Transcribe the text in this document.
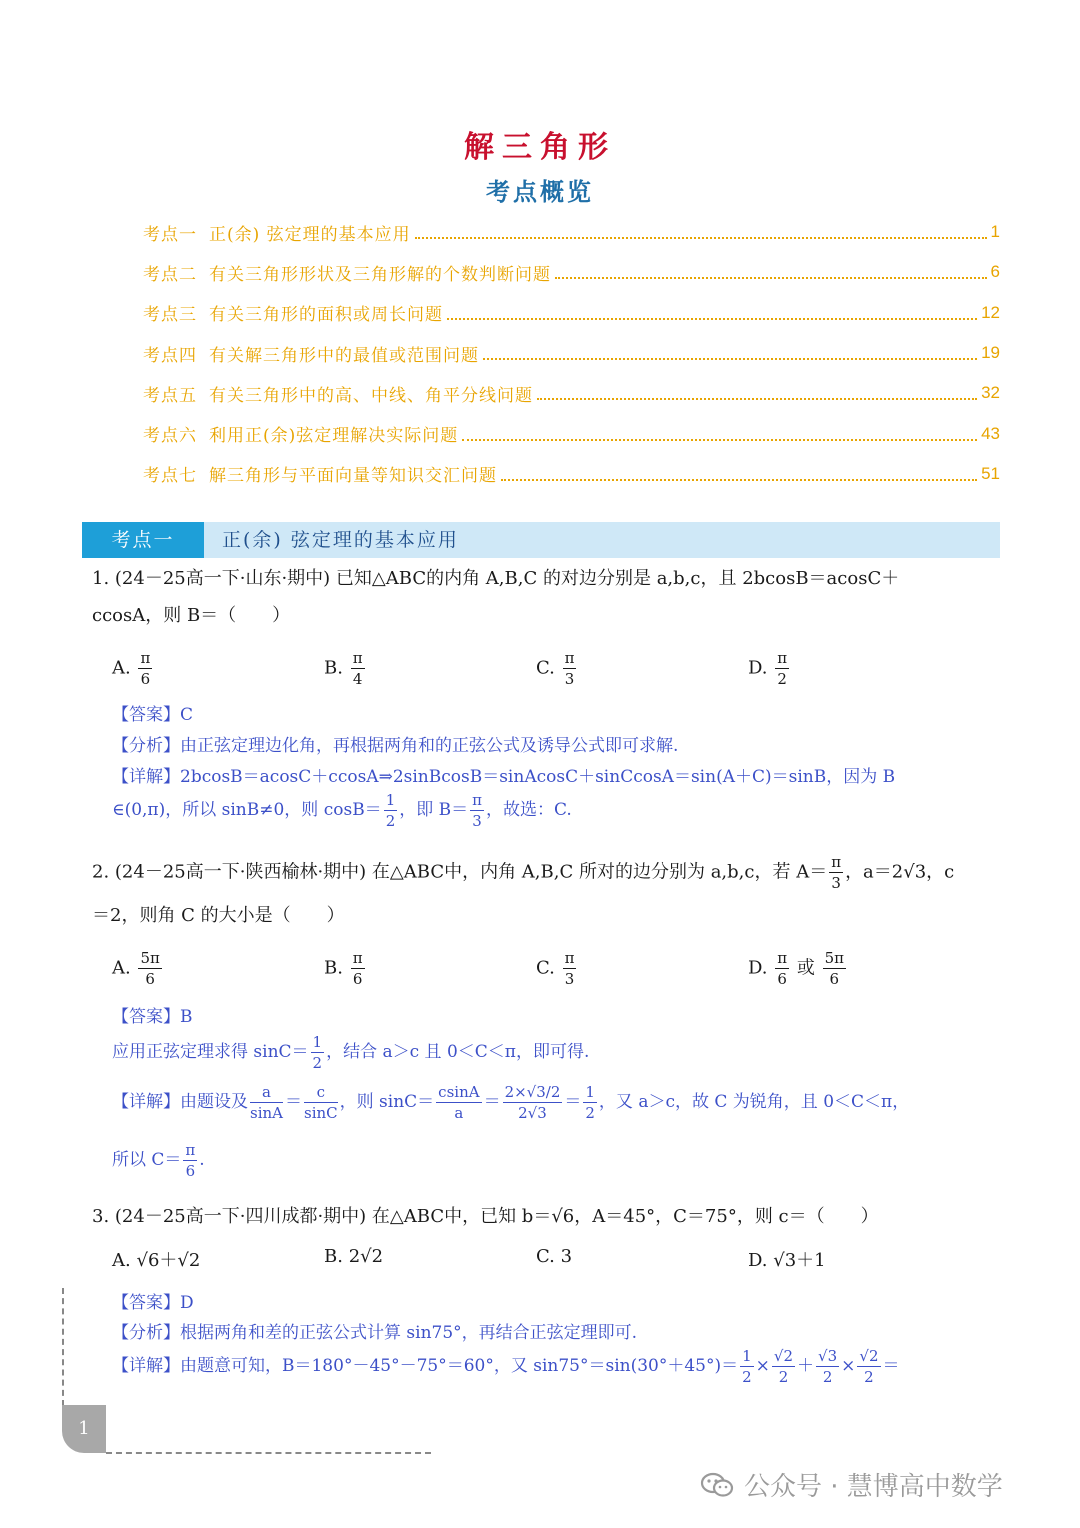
解三角形
考点概览
考点一 正(余) 弦定理的基本应用	1
考点二 有关三角形形状及三角形解的个数判断问题	6
考点三 有关三角形的面积或周长问题	12
考点四 有关解三角形中的最值或范围问题	19
考点五 有关三角形中的高、中线、角平分线问题	32
考点六 利用正(余)弦定理解决实际问题	43
考点七 解三角形与平面向量等知识交汇问题	51
考点一	正(余) 弦定理的基本应用
1. (24－25高一下·山东·期中) 已知△ABC的内角 A,B,C 的对边分别是 a,b,c，且 2bcosB＝acosC＋
ccosA，则 B＝（　　）
A. $\frac{\pi}{6}$	B. $\frac{\pi}{4}$	C. $\frac{\pi}{3}$	D. $\frac{\pi}{2}$
【答案】C
【分析】由正弦定理边化角，再根据两角和的正弦公式及诱导公式即可求解.
【详解】2bcosB＝acosC＋ccosA⇒2sinBcosB＝sinAcosC＋sinCcosA＝sin(A＋C)＝sinB，因为 B
∈(0,π)，所以 sinB≠0，则 $\cos B= \frac{1}{2}$ ，即 $B= \frac{\pi}{3}$ ，故选：C.
2. (24－25高一下·陕西榆林·期中) 在△ABC中，内角 A,B,C 所对的边分别为 a,b,c，若 $A= \frac{\pi}{3}$ ，a＝2√3，c
＝2，则角 C 的大小是（　　）
A. $\frac{5\pi}{6}$	B. $\frac{\pi}{6}$	C. $\frac{\pi}{3}$	D. $\frac{\pi}{6}$ 或 $\frac{5\pi}{6}$
【答案】B
应用正弦定理求得 $\sin C= \frac{1}{2}$ ，结合 a＞c 且 0＜C＜π，即可得.
【详解】由题设及 $\frac{a}{\sin A} = \frac{c}{\sin C}$ ，则 $\sin C= \frac{csinA}{a} = \frac{2\times√3/2}{2√3} = \frac{1}{2}$ ，又 a＞c，故 C 为锐角，且 0＜C＜π，
所以 $C= \frac{\pi}{6}$ .
3. (24－25高一下·四川成都·期中) 在△ABC中，已知 b＝√6，A＝45°，C＝75°，则 c＝（　　）
A. √6＋√2	B. 2√2	C. 3	D. √3＋1
【答案】D
【分析】根据两角和差的正弦公式计算 sin75°，再结合正弦定理即可.
【详解】由题意可知，B＝180°－45°－75°＝60°，又 $\sin 75^\circ=\sin(30^\circ+45^\circ)= \frac{1}{2} \times \frac{√2}{2} + \frac{√3}{2} \times \frac{√2}{2}$ ＝
1
公众号 · 慧博高中数学
